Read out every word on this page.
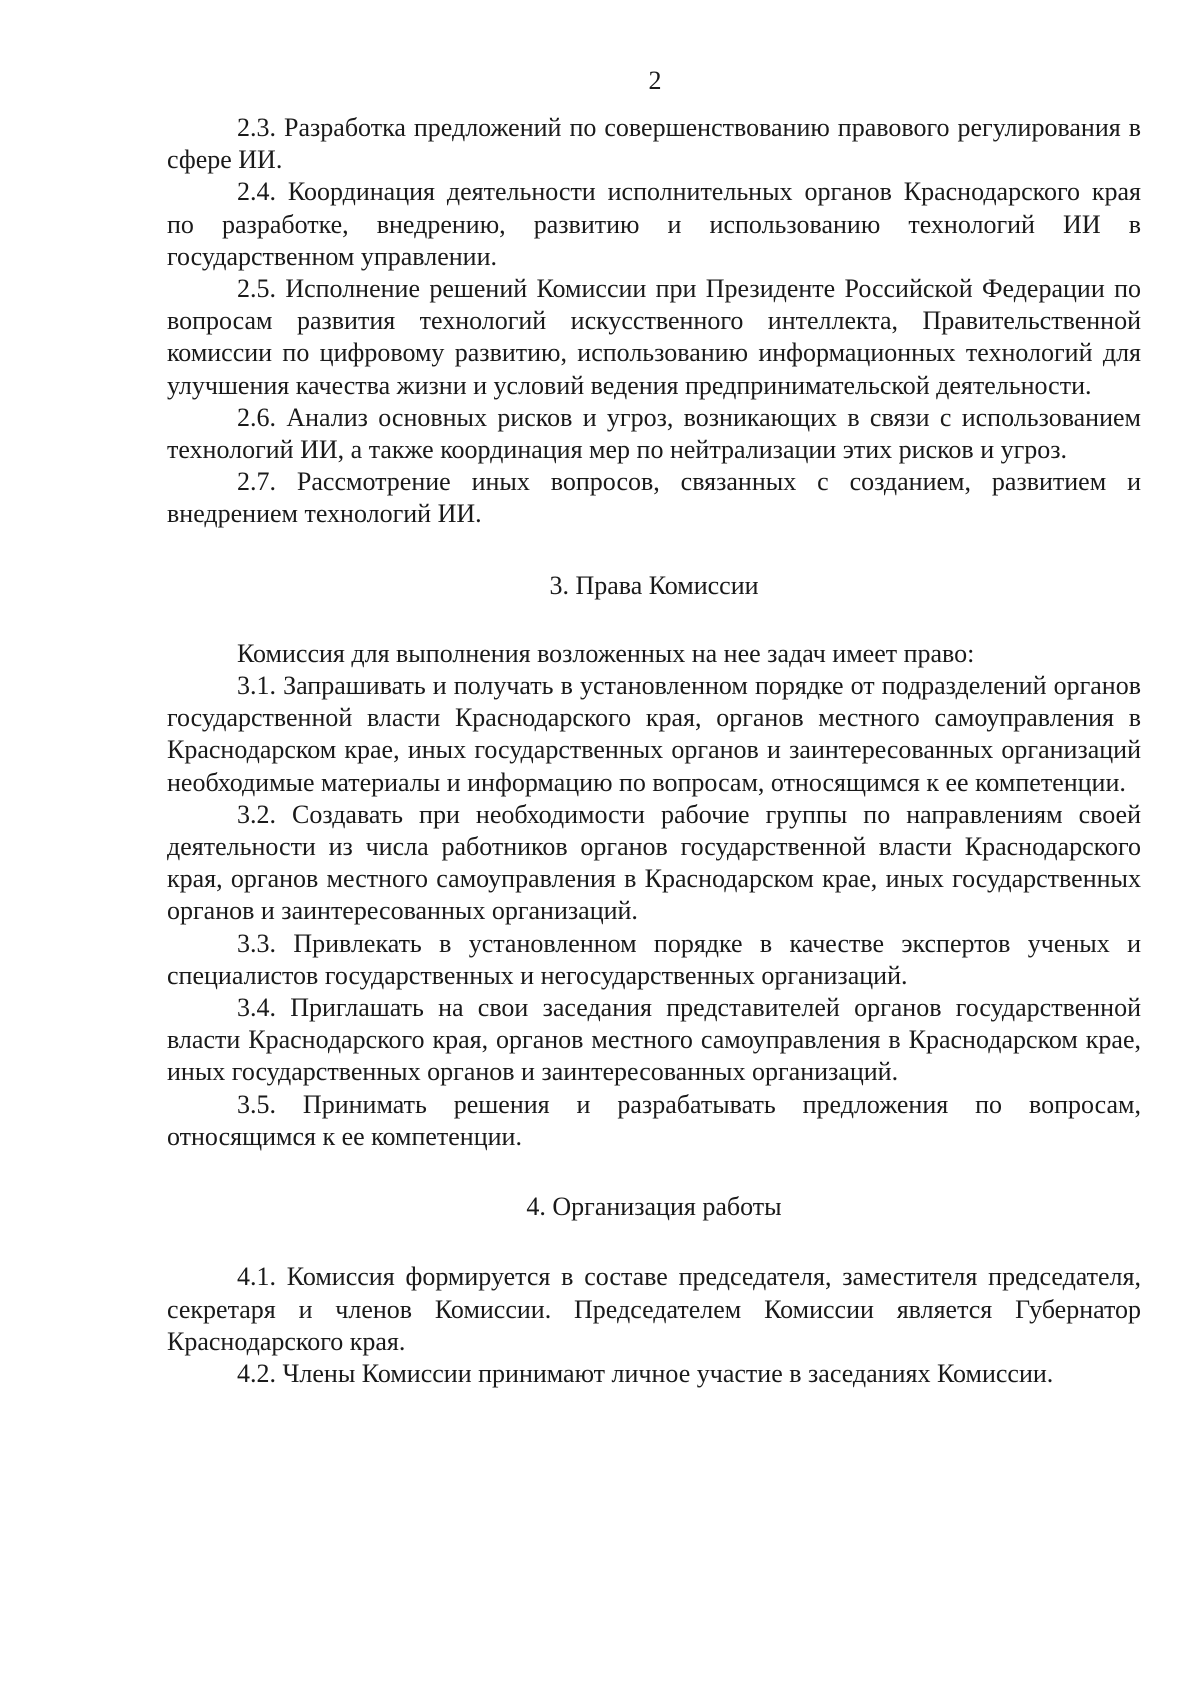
2

2.3. Разработка предложений по совершенствованию правового регулирования в сфере ИИ.

2.4. Координация деятельности исполнительных органов Краснодарского края по разработке, внедрению, развитию и использованию технологий ИИ в государственном управлении.

2.5. Исполнение решений Комиссии при Президенте Российской Федерации по вопросам развития технологий искусственного интеллекта, Правительственной комиссии по цифровому развитию, использованию информационных технологий для улучшения качества жизни и условий ведения предпринимательской деятельности.

2.6. Анализ основных рисков и угроз, возникающих в связи с использованием технологий ИИ, а также координация мер по нейтрализации этих рисков и угроз.

2.7. Рассмотрение иных вопросов, связанных с созданием, развитием и внедрением технологий ИИ.

3. Права Комиссии

Комиссия для выполнения возложенных на нее задач имеет право:

3.1. Запрашивать и получать в установленном порядке от подразделений органов государственной власти Краснодарского края, органов местного самоуправления в Краснодарском крае, иных государственных органов и заинтересованных организаций необходимые материалы и информацию по вопросам, относящимся к ее компетенции.

3.2. Создавать при необходимости рабочие группы по направлениям своей деятельности из числа работников органов государственной власти Краснодарского края, органов местного самоуправления в Краснодарском крае, иных государственных органов и заинтересованных организаций.

3.3. Привлекать в установленном порядке в качестве экспертов ученых и специалистов государственных и негосударственных организаций.

3.4. Приглашать на свои заседания представителей органов государственной власти Краснодарского края, органов местного самоуправления в Краснодарском крае, иных государственных органов и заинтересованных организаций.

3.5. Принимать решения и разрабатывать предложения по вопросам, относящимся к ее компетенции.

4. Организация работы

4.1. Комиссия формируется в составе председателя, заместителя председателя, секретаря и членов Комиссии. Председателем Комиссии является Губернатор Краснодарского края.

4.2. Члены Комиссии принимают личное участие в заседаниях Комиссии.
